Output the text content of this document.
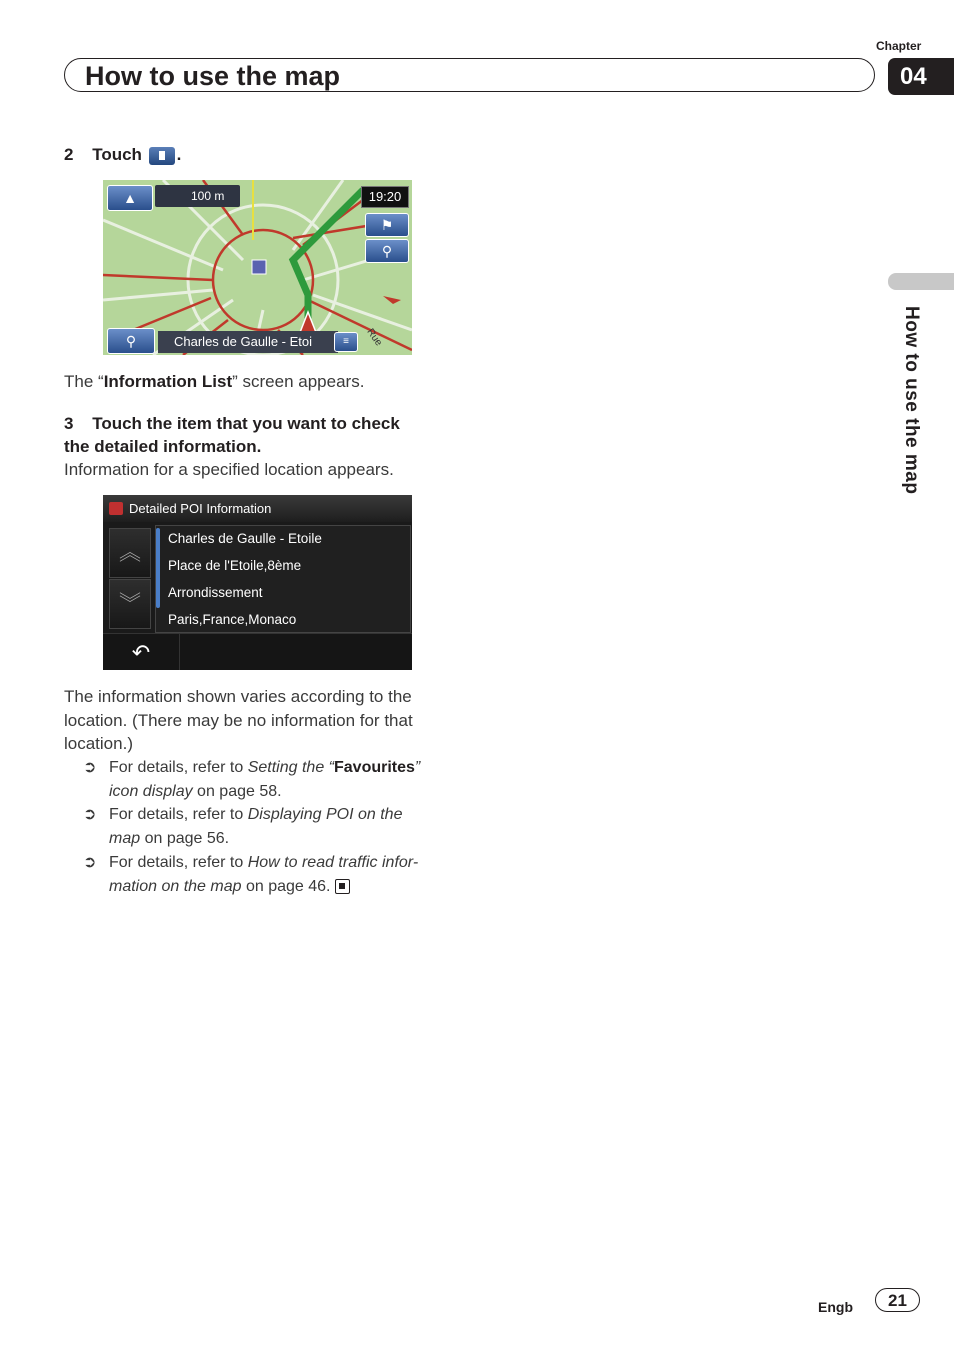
Chapter
04
How to use the map
How to use the map
2 Touch .
▲	100 m	19:20
⚑
⚲
⚲	Charles de Gaulle - Etoi	≡	Rue
The “Information List” screen appears.
3 Touch the item that you want to check
the detailed information.
Information for a specified location appears.
Detailed POI Information
︽
︾
Charles de Gaulle - Etoile
Place de l'Etoile,8ème
Arrondissement
Paris,France,Monaco
↶
The information shown varies according to the
location. (There may be no information for that
location.)
➲ For details, refer to Setting the “Favourites”
icon display on page 58.
➲ For details, refer to Displaying POI on the
map on page 56.
➲ For details, refer to How to read traffic infor-
mation on the map on page 46.
Engb	21
